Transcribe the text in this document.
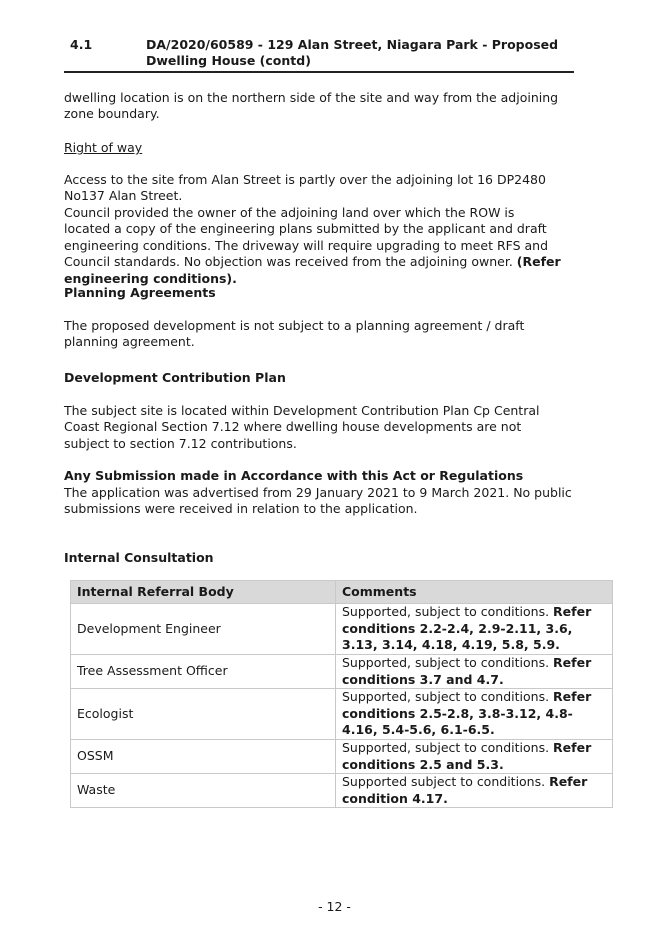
4.1	DA/2020/60589 - 129 Alan Street, Niagara Park - Proposed Dwelling House (contd)

dwelling location is on the northern side of the site and way from the adjoining zone boundary.

Right of way

Access to the site from Alan Street is partly over the adjoining lot 16 DP2480 No137 Alan Street.

Council provided the owner of the adjoining land over which the ROW is located a copy of the engineering plans submitted by the applicant and draft engineering conditions. The driveway will require upgrading to meet RFS and Council standards. No objection was received from the adjoining owner. (Refer engineering conditions).

Planning Agreements

The proposed development is not subject to a planning agreement / draft planning agreement.

Development Contribution Plan

The subject site is located within Development Contribution Plan Cp Central Coast Regional Section 7.12 where dwelling house developments are not subject to section 7.12 contributions.

Any Submission made in Accordance with this Act or Regulations

The application was advertised from 29 January 2021 to 9 March 2021. No public submissions were received in relation to the application.

Internal Consultation

Internal Referral Body	Comments
Development Engineer	Supported, subject to conditions. Refer conditions 2.2-2.4, 2.9-2.11, 3.6, 3.13, 3.14, 4.18, 4.19, 5.8, 5.9.
Tree Assessment Officer	Supported, subject to conditions. Refer conditions 3.7 and 4.7.
Ecologist	Supported, subject to conditions. Refer conditions 2.5-2.8, 3.8-3.12, 4.8-4.16, 5.4-5.6, 6.1-6.5.
OSSM	Supported, subject to conditions. Refer conditions 2.5 and 5.3.
Waste	Supported subject to conditions. Refer condition 4.17.
- 12 -
